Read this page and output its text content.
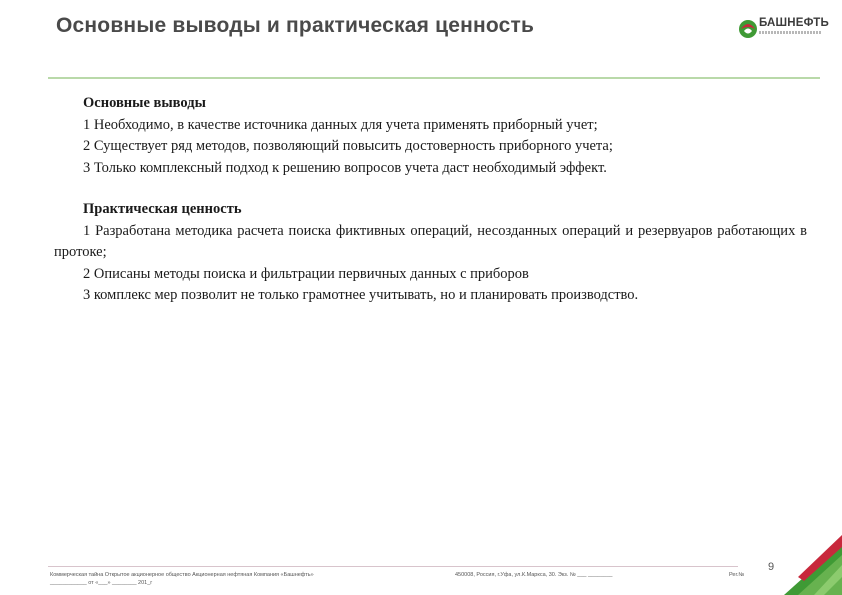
Основные выводы и практическая ценность	БАШНЕФТЬ
Основные выводы
1 Необходимо, в качестве источника данных для учета применять приборный учет;
2 Существует ряд методов, позволяющий повысить достоверность приборного учета;
3 Только комплексный подход к решению вопросов учета даст необходимый эффект.
Практическая ценность
1 Разработана методика расчета поиска фиктивных операций, несозданных операций и резервуаров работающих в протоке;
2 Описаны методы поиска и фильтрации первичных данных с приборов
3 комплекс мер позволит не только грамотнее учитывать, но и планировать производство.
9
Коммерческая тайна Открытое акционерное общество Акционерная нефтяная Компания «Башнефть»
____________ от «___» ________ 201_г
450008, Россия, г.Уфа, ул.К.Маркса, 30. Экз. № ___ ________	Рег.№
